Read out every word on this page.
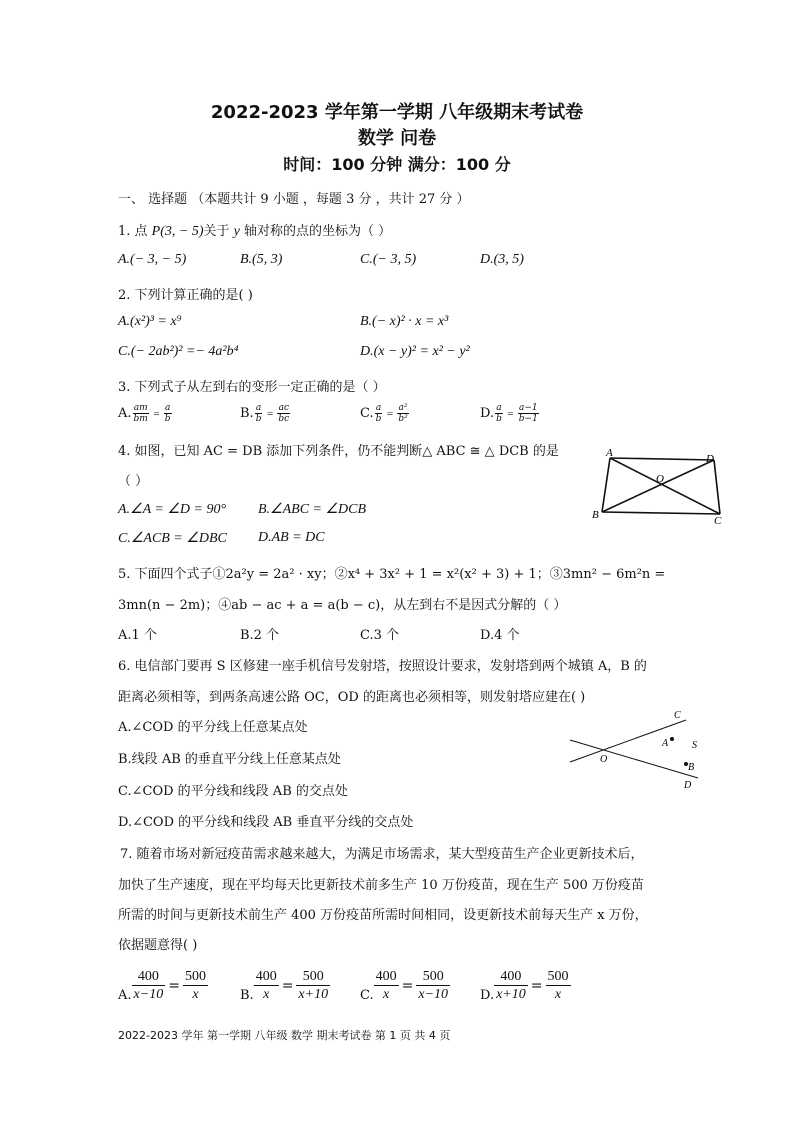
2022-2023 学年第一学期 八年级期末考试卷
数学 问卷
时间：100 分钟 满分：100 分
一、 选择题 （本题共计 9 小题 ，每题 3 分 ，共计 27 分 ）
1. 点 P(3, − 5)关于 y 轴对称的点的坐标为（ ）
A.(− 3, − 5)	B.(5, 3)	C.(− 3, 5)	D.(3, 5)
2. 下列计算正确的是( )
A.(x²)³ = x⁹	B.(− x)² · x = x³
C.(− 2ab²)² =− 4a²b⁴	D.(x − y)² = x² − y²
3. 下列式子从左到右的变形一定正确的是（ ）
A. $\frac{am}{bm} = \frac{a}{b}$	B. $\frac{a}{b} = \frac{ac}{bc}$	C. $\frac{a}{b} = \frac{\text{a²}}{\text{b²}}$	D. $\frac{a}{b} = \frac{a-1}{b-1}$
4. 如图，已知 AC = DB 添加下列条件，仍不能判断△ ABC ≅ △ DCB 的是
（ ）
A.∠A = ∠D = 90° B.∠ABC = ∠DCB
C.∠ACB = ∠DBC D.AB = DC
A	D
O
B	C
5. 下面四个式子①2a²y = 2a² · xy；②x⁴ + 3x² + 1 = x²(x² + 3) + 1；③3mn² − 6m²n =
3mn(n − 2m)；④ab − ac + a = a(b − c)，从左到右不是因式分解的（ ）
A.1 个	B.2 个	C.3 个	D.4 个
6. 电信部门要再 S 区修建一座手机信号发射塔，按照设计要求，发射塔到两个城镇 A，B 的
距离必须相等，到两条高速公路 OC，OD 的距离也必须相等，则发射塔应建在( )
A.∠COD 的平分线上任意某点处
B.线段 AB 的垂直平分线上任意某点处
C.∠COD 的平分线和线段 AB 的交点处
D.∠COD 的平分线和线段 AB 垂直平分线的交点处
C
A S
O
B
D
7. 随着市场对新冠疫苗需求越来越大，为满足市场需求，某大型疫苗生产企业更新技术后，
加快了生产速度，现在平均每天比更新技术前多生产 10 万份疫苗，现在生产 500 万份疫苗
所需的时间与更新技术前生产 400 万份疫苗所需时间相同，设更新技术前每天生产 x 万份，
依据题意得( )
A. $\frac{400}{x-10} = \frac{500}{x} B$. $\frac{400}{x} = \frac{500}{x+10} C$. $\frac{400}{x} = \frac{500}{x-10} D$. $\frac{400}{x+10} = \frac{500}{x}$
2022-2023 学年 第一学期 八年级 数学 期末考试卷 第 1 页 共 4 页
